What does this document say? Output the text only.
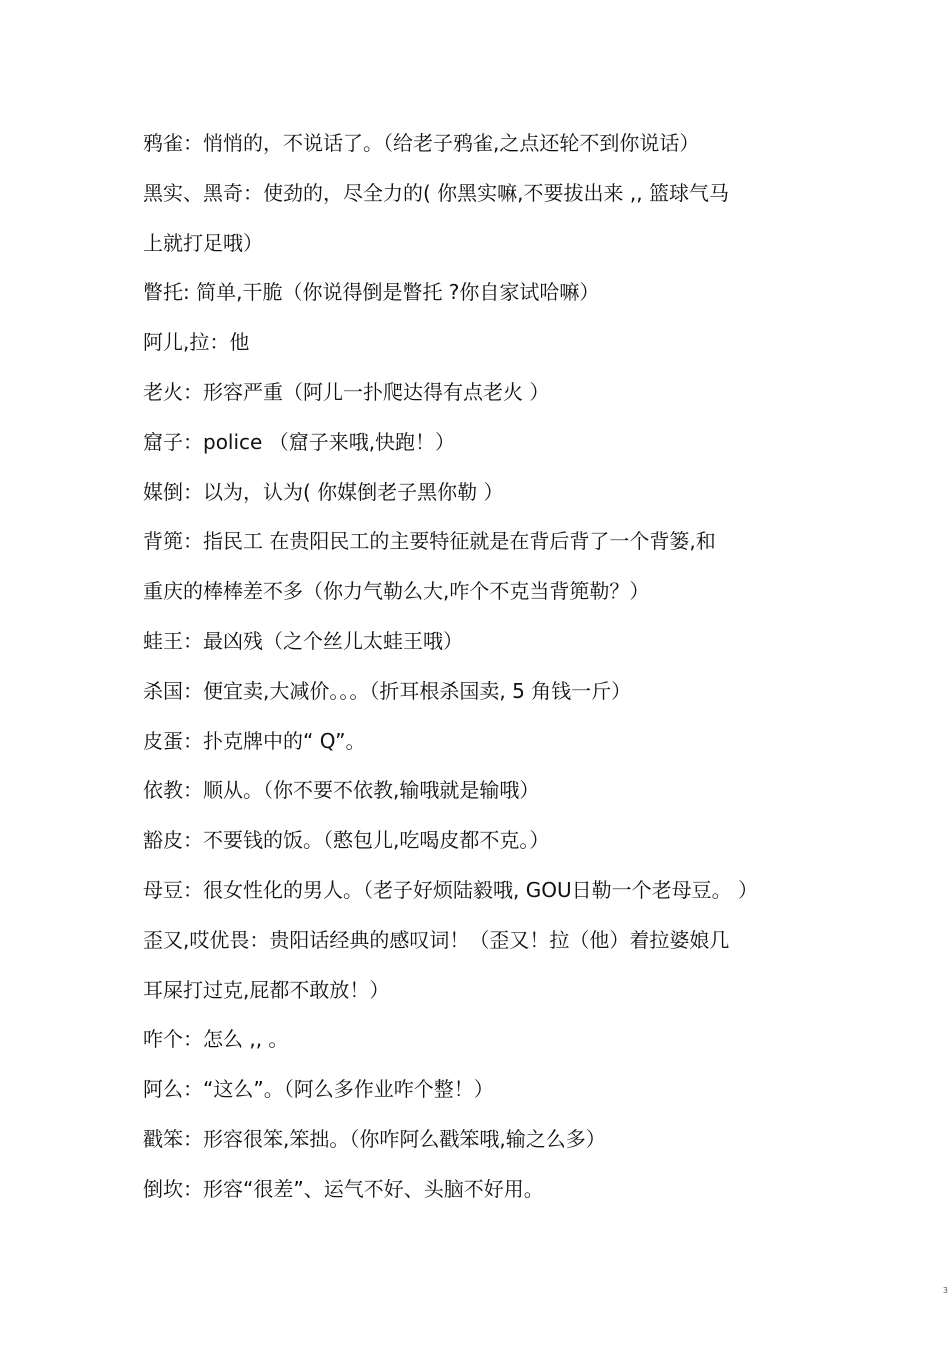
鸦雀：悄悄的，不说话了。（给老子鸦雀,之点还轮不到你说话）
黑实、黑奇：使劲的，尽全力的( 你黑实嘛,不要拔出来 ,, 篮球气马
上就打足哦）
瞥托: 简单,干脆（你说得倒是瞥托 ?你自家试哈嘛）
阿儿,拉：他
老火：形容严重（阿儿一扑爬达得有点老火 ）
窟子：police （窟子来哦,快跑！）
媒倒：以为，认为( 你媒倒老子黑你勒 ）
背篼：指民工 在贵阳民工的主要特征就是在背后背了一个背篓,和
重庆的棒棒差不多（你力气勒么大,咋个不克当背篼勒？）
蛙王：最凶残（之个丝儿太蛙王哦）
杀国：便宜卖,大减价。。。（折耳根杀国卖, 5 角钱一斤）
皮蛋：扑克牌中的“ Q”。
依教：顺从。（你不要不依教,输哦就是输哦）
豁皮：不要钱的饭。（憨包儿,吃喝皮都不克。）
母豆：很女性化的男人。（老子好烦陆毅哦, GOU日勒一个老母豆。 ）
歪又,哎优畏：贵阳话经典的感叹词！（歪又！拉（他）着拉婆娘几
耳屎打过克,屁都不敢放！）
咋个：怎么 ,, 。
阿么：“这么”。（阿么多作业咋个整！）
戳笨：形容很笨,笨拙。（你咋阿么戳笨哦,输之么多）
倒坎：形容“很差”、运气不好、头脑不好用。
3
